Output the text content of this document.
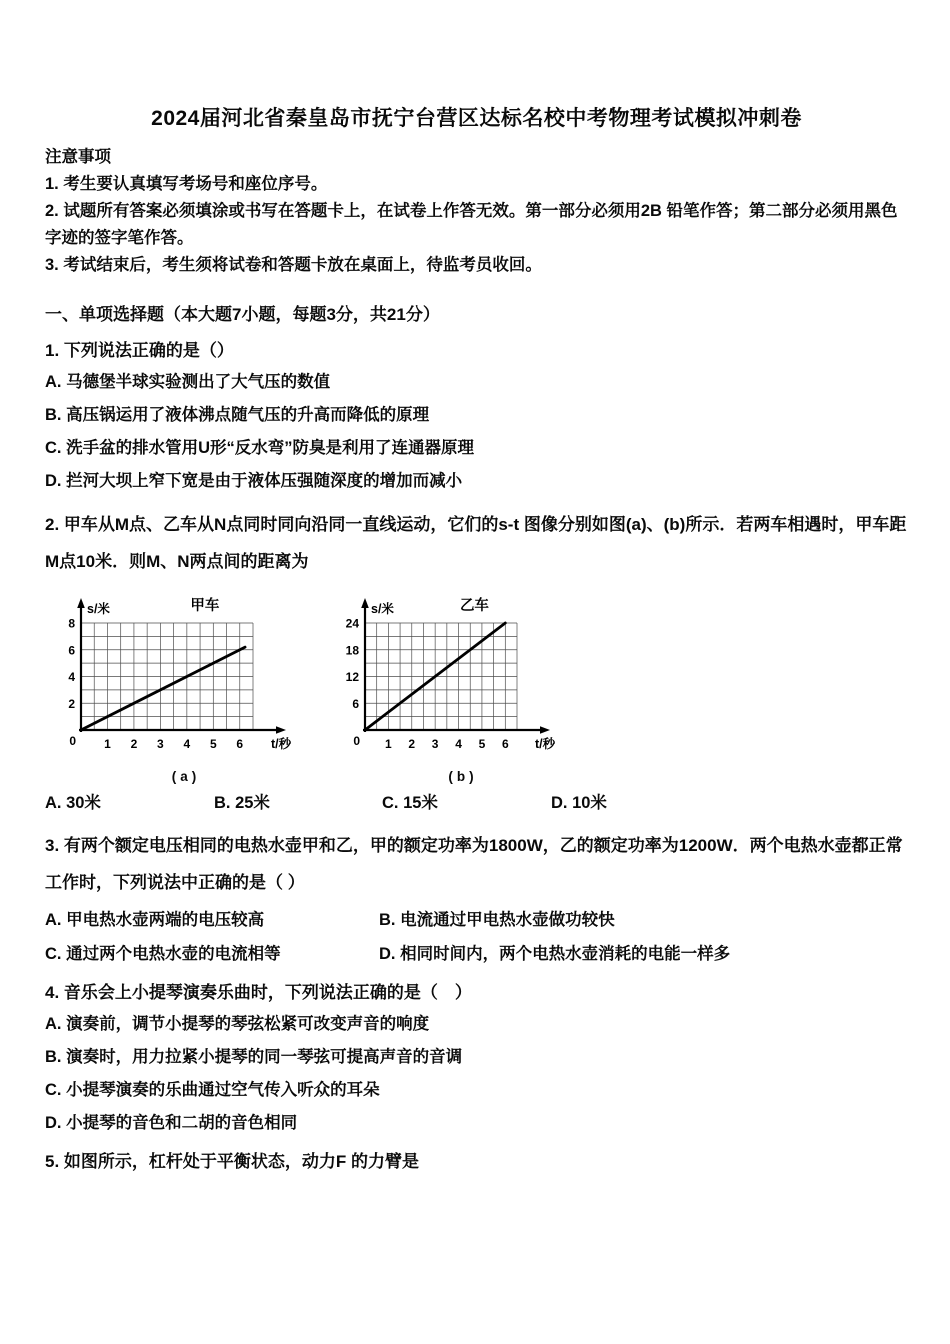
2024届河北省秦皇岛市抚宁台营区达标名校中考物理考试模拟冲刺卷

注意事项

1. 考生要认真填写考场号和座位序号。

2. 试题所有答案必须填涂或书写在答题卡上，在试卷上作答无效。第一部分必须用2B 铅笔作答；第二部分必须用黑色字迹的签字笔作答。

3. 考试结束后，考生须将试卷和答题卡放在桌面上，待监考员收回。

一、单项选择题（本大题7小题，每题3分，共21分）

1. 下列说法正确的是（）

A. 马德堡半球实验测出了大气压的数值

B. 高压锅运用了液体沸点随气压的升高而降低的原理

C. 洗手盆的排水管用U形“反水弯”防臭是利用了连通器原理

D. 拦河大坝上窄下宽是由于液体压强随深度的增加而减小

2. 甲车从M点、乙车从N点同时同向沿同一直线运动，它们的s-t 图像分别如图(a)、(b)所示．若两车相遇时，甲车距M点10米．则M、N两点间的距离为

2
4
6
8
1 2 3 4 5 6
0
s/米
t/秒
甲车
(a)
6
12
18
24
1 2 3 4 5 6
0
s/米
t/秒
乙车
(b)
A. 30米	B. 25米	C. 15米	D. 10米

3. 有两个额定电压相同的电热水壶甲和乙，甲的额定功率为1800W，乙的额定功率为1200W．两个电热水壶都正常工作时，下列说法中正确的是（ ）

A. 甲电热水壶两端的电压较高	B. 电流通过甲电热水壶做功较快
C. 通过两个电热水壶的电流相等	D. 相同时间内，两个电热水壶消耗的电能一样多

4. 音乐会上小提琴演奏乐曲时，下列说法正确的是（　）

A. 演奏前，调节小提琴的琴弦松紧可改变声音的响度

B. 演奏时，用力拉紧小提琴的同一琴弦可提高声音的音调

C. 小提琴演奏的乐曲通过空气传入听众的耳朵

D. 小提琴的音色和二胡的音色相同

5. 如图所示，杠杆处于平衡状态，动力F 的力臂是
